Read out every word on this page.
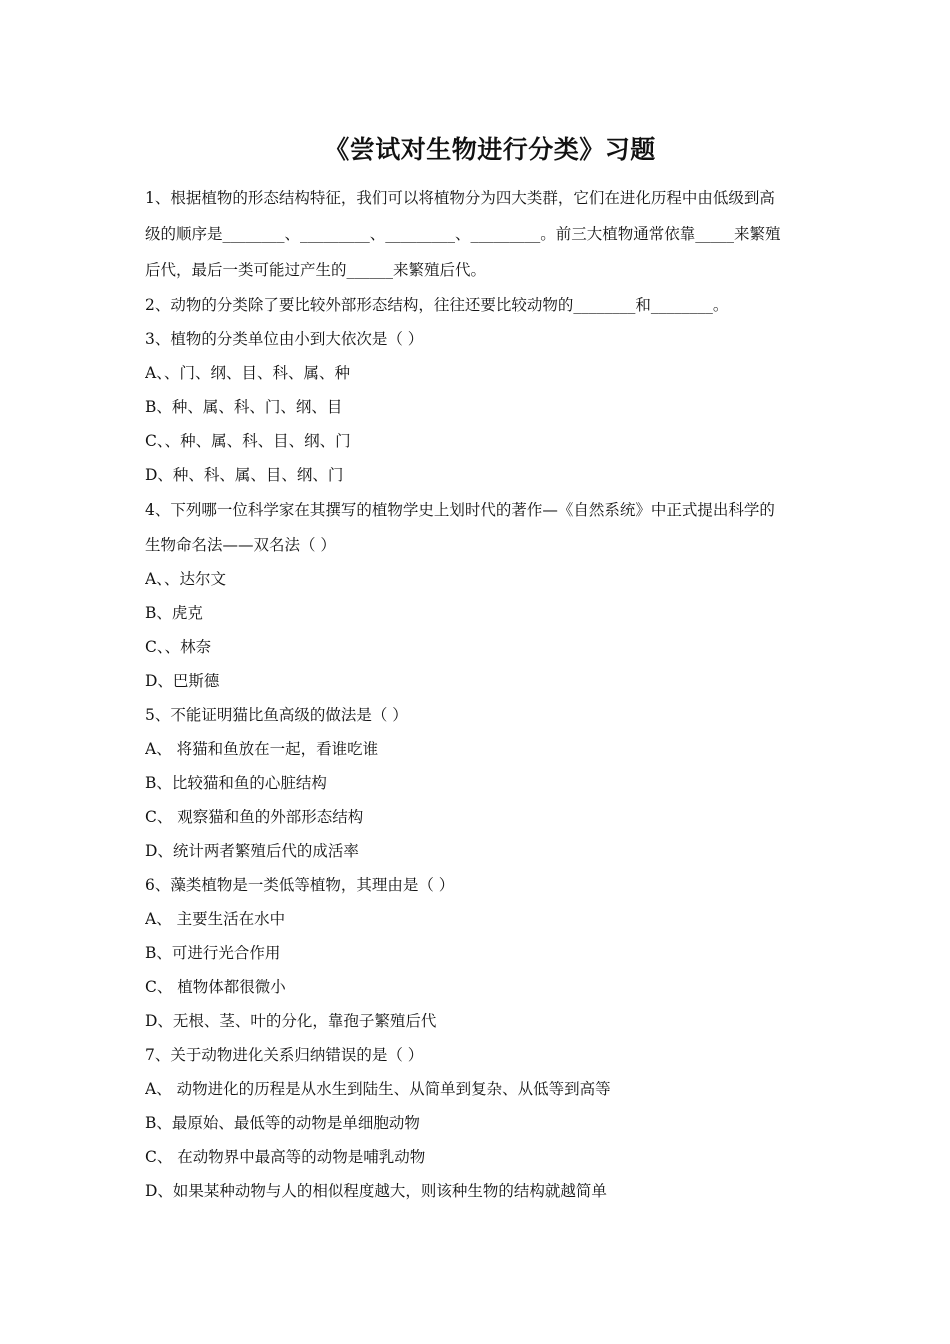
《尝试对生物进行分类》习题
1、根据植物的形态结构特征，我们可以将植物分为四大类群，它们在进化历程中由低级到高
级的顺序是________、_________、_________、_________。前三大植物通常依靠_____来繁殖
后代，最后一类可能过产生的______来繁殖后代。
2、动物的分类除了要比较外部形态结构，往往还要比较动物的________和________。
3、植物的分类单位由小到大依次是（ ）
A、、门、纲、目、科、属、种
B、种、属、科、门、纲、目
C、、种、属、科、目、纲、门
D、种、科、属、目、纲、门
4、下列哪一位科学家在其撰写的植物学史上划时代的著作—《自然系统》中正式提出科学的
生物命名法——双名法（ ）
A、、达尔文
B、虎克
C、、林奈
D、巴斯德
5、不能证明猫比鱼高级的做法是（ ）
A、 将猫和鱼放在一起，看谁吃谁
B、比较猫和鱼的心脏结构
C、 观察猫和鱼的外部形态结构
D、统计两者繁殖后代的成活率
6、藻类植物是一类低等植物，其理由是（ ）
A、 主要生活在水中
B、可进行光合作用
C、 植物体都很微小
D、无根、茎、叶的分化，靠孢子繁殖后代
7、关于动物进化关系归纳错误的是（ ）
A、 动物进化的历程是从水生到陆生、从简单到复杂、从低等到高等
B、最原始、最低等的动物是单细胞动物
C、 在动物界中最高等的动物是哺乳动物
D、如果某种动物与人的相似程度越大，则该种生物的结构就越简单
